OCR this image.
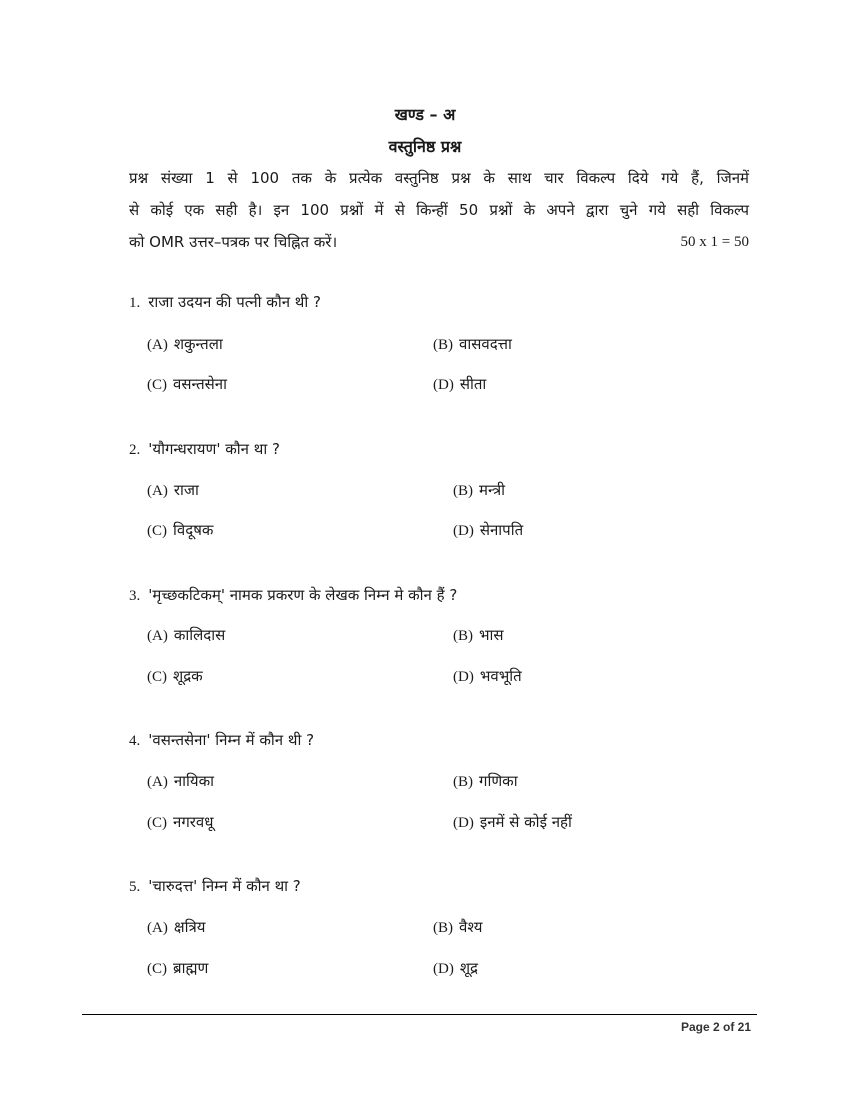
खण्ड – अ
वस्तुनिष्ठ प्रश्न
प्रश्न संख्या 1 से 100 तक के प्रत्येक वस्तुनिष्ठ प्रश्न के साथ चार विकल्प दिये गये हैं, जिनमें
से कोई एक सही है। इन 100 प्रश्नों में से किन्हीं 50 प्रश्नों के अपने द्वारा चुने गये सही विकल्प
को OMR उत्तर–पत्रक पर चिह्नित करें।	50 x 1 = 50
1. राजा उदयन की पत्नी कौन थी ?
(A) शकुन्तला	(B) वासवदत्ता
(C) वसन्तसेना	(D) सीता
2. 'यौगन्धरायण' कौन था ?
(A) राजा	(B) मन्त्री
(C) विदूषक	(D) सेनापति
3. 'मृच्छकटिकम्' नामक प्रकरण के लेखक निम्न मे कौन हैं ?
(A) कालिदास	(B) भास
(C) शूद्रक	(D) भवभूति
4. 'वसन्तसेना' निम्न में कौन थी ?
(A) नायिका	(B) गणिका
(C) नगरवधू	(D) इनमें से कोई नहीं
5. 'चारुदत्त' निम्न में कौन था ?
(A) क्षत्रिय	(B) वैश्य
(C) ब्राह्मण	(D) शूद्र
Page 2 of 21
